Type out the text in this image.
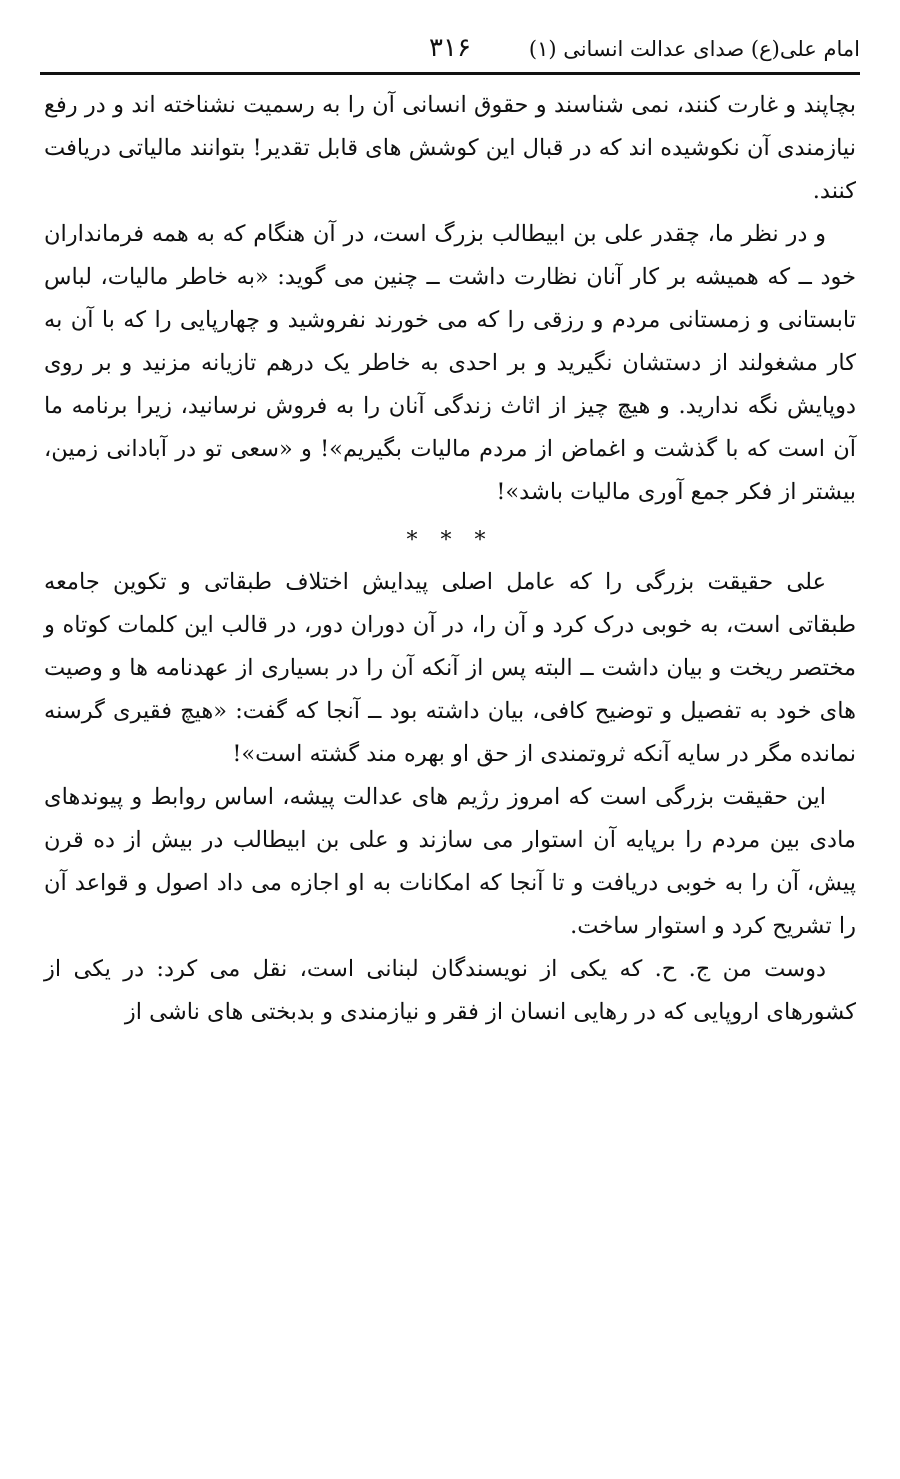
امام علی(ع) صدای عدالت انسانی (۱)
۳۱۶

بچاپند و غارت کنند، نمی شناسند و حقوق انسانی آن را به رسمیت نشناخته اند و در رفع نیازمندی آن نکوشیده اند که در قبال این کوشش های قابل تقدیر! بتوانند مالیاتی دریافت کنند.

و در نظر ما، چقدر علی بن ابیطالب بزرگ است، در آن هنگام که به همه فرمانداران خود ــ که همیشه بر کار آنان نظارت داشت ــ چنین می گوید: «به خاطر مالیات، لباس تابستانی و زمستانی مردم و رزقی را که می خورند نفروشید و چهارپایی را که با آن به کار مشغولند از دستشان نگیرید و بر احدی به خاطر یک درهم تازیانه مزنید و بر روی دوپایش نگه ندارید. و هیچ چیز از اثاث زندگی آنان را به فروش نرسانید، زیرا برنامه ما آن است که با گذشت و اغماض از مردم مالیات بگیریم»! و «سعی تو در آبادانی زمین، بیشتر از فکر جمع آوری مالیات باشد»!

* * *

علی حقیقت بزرگی را که عامل اصلی پیدایش اختلاف طبقاتی و تکوین جامعه طبقاتی است، به خوبی درک کرد و آن را، در آن دوران دور، در قالب این کلمات کوتاه و مختصر ریخت و بیان داشت ــ البته پس از آنکه آن را در بسیاری از عهدنامه ها و وصیت های خود به تفصیل و توضیح کافی، بیان داشته بود ــ آنجا که گفت: «هیچ فقیری گرسنه نمانده مگر در سایه آنکه ثروتمندی از حق او بهره مند گشته است»!

این حقیقت بزرگی است که امروز رژیم های عدالت پیشه، اساس روابط و پیوندهای مادی بین مردم را برپایه آن استوار می سازند و علی بن ابیطالب در بیش از ده قرن پیش، آن را به خوبی دریافت و تا آنجا که امکانات به او اجازه می داد اصول و قواعد آن را تشریح کرد و استوار ساخت.

دوست من ج. ح. که یکی از نویسندگان لبنانی است، نقل می کرد: در یکی از کشورهای اروپایی که در رهایی انسان از فقر و نیازمندی و بدبختی های ناشی از
